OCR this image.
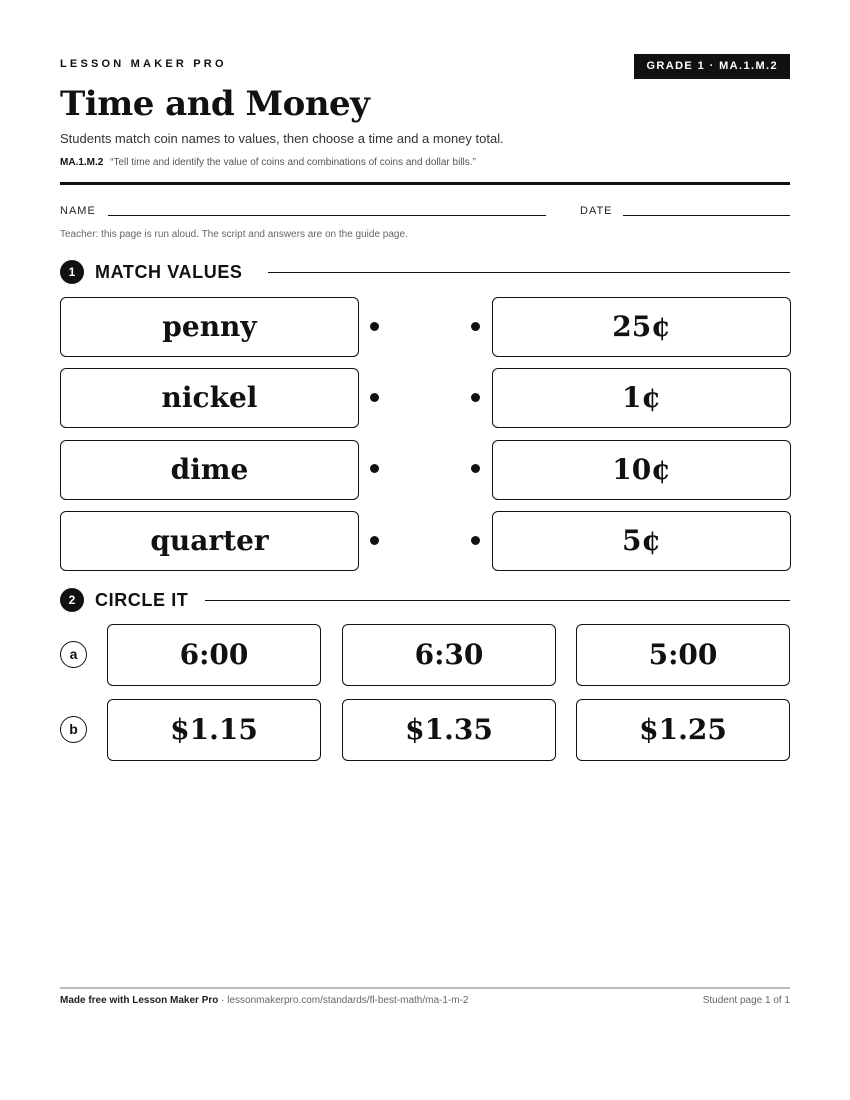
LESSON MAKER PRO	GRADE 1 · MA.1.M.2
Time and Money
Students match coin names to values, then choose a time and a money total.
MA.1.M.2 “Tell time and identify the value of coins and combinations of coins and dollar bills.”
NAME	DATE
Teacher: this page is run aloud. The script and answers are on the guide page.
1	MATCH VALUES
penny
nickel
dime
quarter
25¢
1¢
10¢
5¢
2	CIRCLE IT
a	6:00	6:30	5:00
b	$1.15	$1.35	$1.25
Made free with Lesson Maker Pro · lessonmakerpro.com/standards/fl-best-math/ma-1-m-2	Student page 1 of 1
